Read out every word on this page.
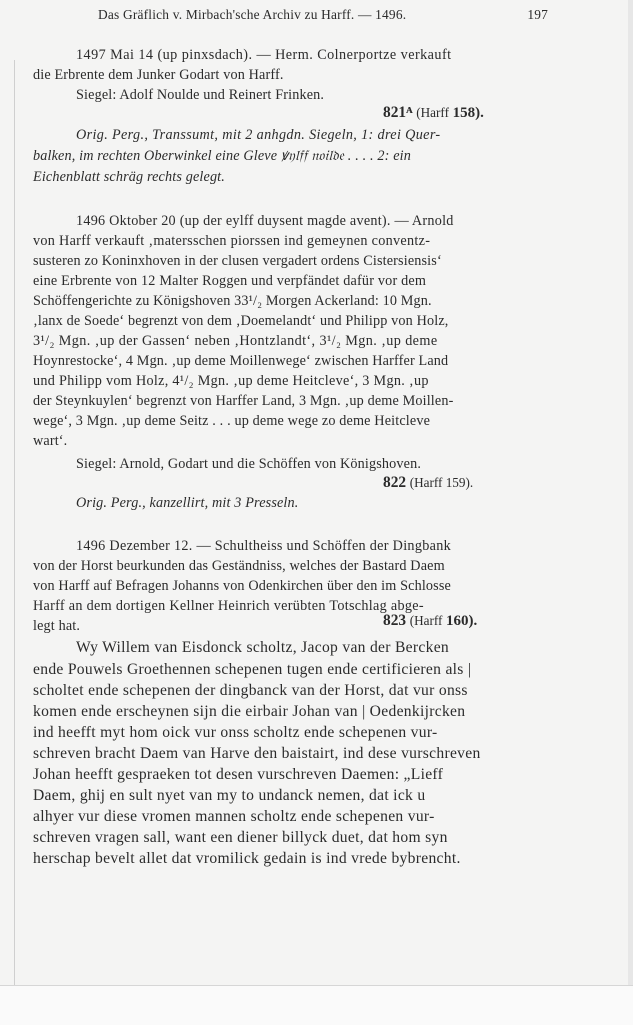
Das Gräflich v. Mirbach'sche Archiv zu Harff. — 1496.	197
1497 Mai 14 (up pinxsdach). — Herm. Colnerportze verkauft
die Erbrente dem Junker Godart von Harff.
Siegel: Adolf Noulde und Reinert Frinken.
821ᴬ (Harff 158).
Orig. Perg., Transsumt, mit 2 anhgdn. Siegeln, 1: drei Quer-
balken, im rechten Oberwinkel eine Gleve ꝟ𝔶𝔩𝔣𝔣 𝔫𝔬𝔦𝔩𝔡𝔢 . . . . 2: ein
Eichenblatt schräg rechts gelegt.
1496 Oktober 20 (up der eylff duysent magde avent). — Arnold
von Harff verkauft ‚matersschen piorssen ind gemeynen conventz-
susteren zo Koninxhoven in der clusen vergadert ordens Cistersiensis‘
eine Erbrente von 12 Malter Roggen und verpfändet dafür vor dem
Schöffengerichte zu Königshoven 33¹/₂ Morgen Ackerland: 10 Mgn.
‚lanx de Soede‘ begrenzt von dem ‚Doemelandt‘ und Philipp von Holz,
3¹/₂ Mgn. ‚up der Gassen‘ neben ‚Hontzlandt‘, 3¹/₂ Mgn. ‚up deme
Hoynrestocke‘, 4 Mgn. ‚up deme Moillenwege‘ zwischen Harffer Land
und Philipp vom Holz, 4¹/₂ Mgn. ‚up deme Heitcleve‘, 3 Mgn. ‚up
der Steynkuylen‘ begrenzt von Harffer Land, 3 Mgn. ‚up deme Moillen-
wege‘, 3 Mgn. ‚up deme Seitz . . . up deme wege zo deme Heitcleve
wart‘.
Siegel: Arnold, Godart und die Schöffen von Königshoven.
822 (Harff 159).
Orig. Perg., kanzellirt, mit 3 Presseln.
1496 Dezember 12. — Schultheiss und Schöffen der Dingbank
von der Horst beurkunden das Geständniss, welches der Bastard Daem
von Harff auf Befragen Johanns von Odenkirchen über den im Schlosse
Harff an dem dortigen Kellner Heinrich verübten Totschlag abge-
legt hat.	823 (Harff 160).
Wy Willem van Eisdonck scholtz, Jacop van der Bercken
ende Pouwels Groethennen schepenen tugen ende certificieren als |
scholtet ende schepenen der dingbanck van der Horst, dat vur onss
komen ende erscheynen sijn die eirbair Johan van | Oedenkijrcken
ind heefft myt hom oick vur onss scholtz ende schepenen vur-
schreven bracht Daem van Harve den baistairt, ind dese vurschreven
Johan heefft gespraeken tot desen vurschreven Daemen: „Lieff
Daem, ghij en sult nyet van my to undanck nemen, dat ick u
alhyer vur diese vromen mannen scholtz ende schepenen vur-
schreven vragen sall, want een diener billyck duet, dat hom syn
herschap bevelt allet dat vromilick gedain is ind vrede bybrencht.
